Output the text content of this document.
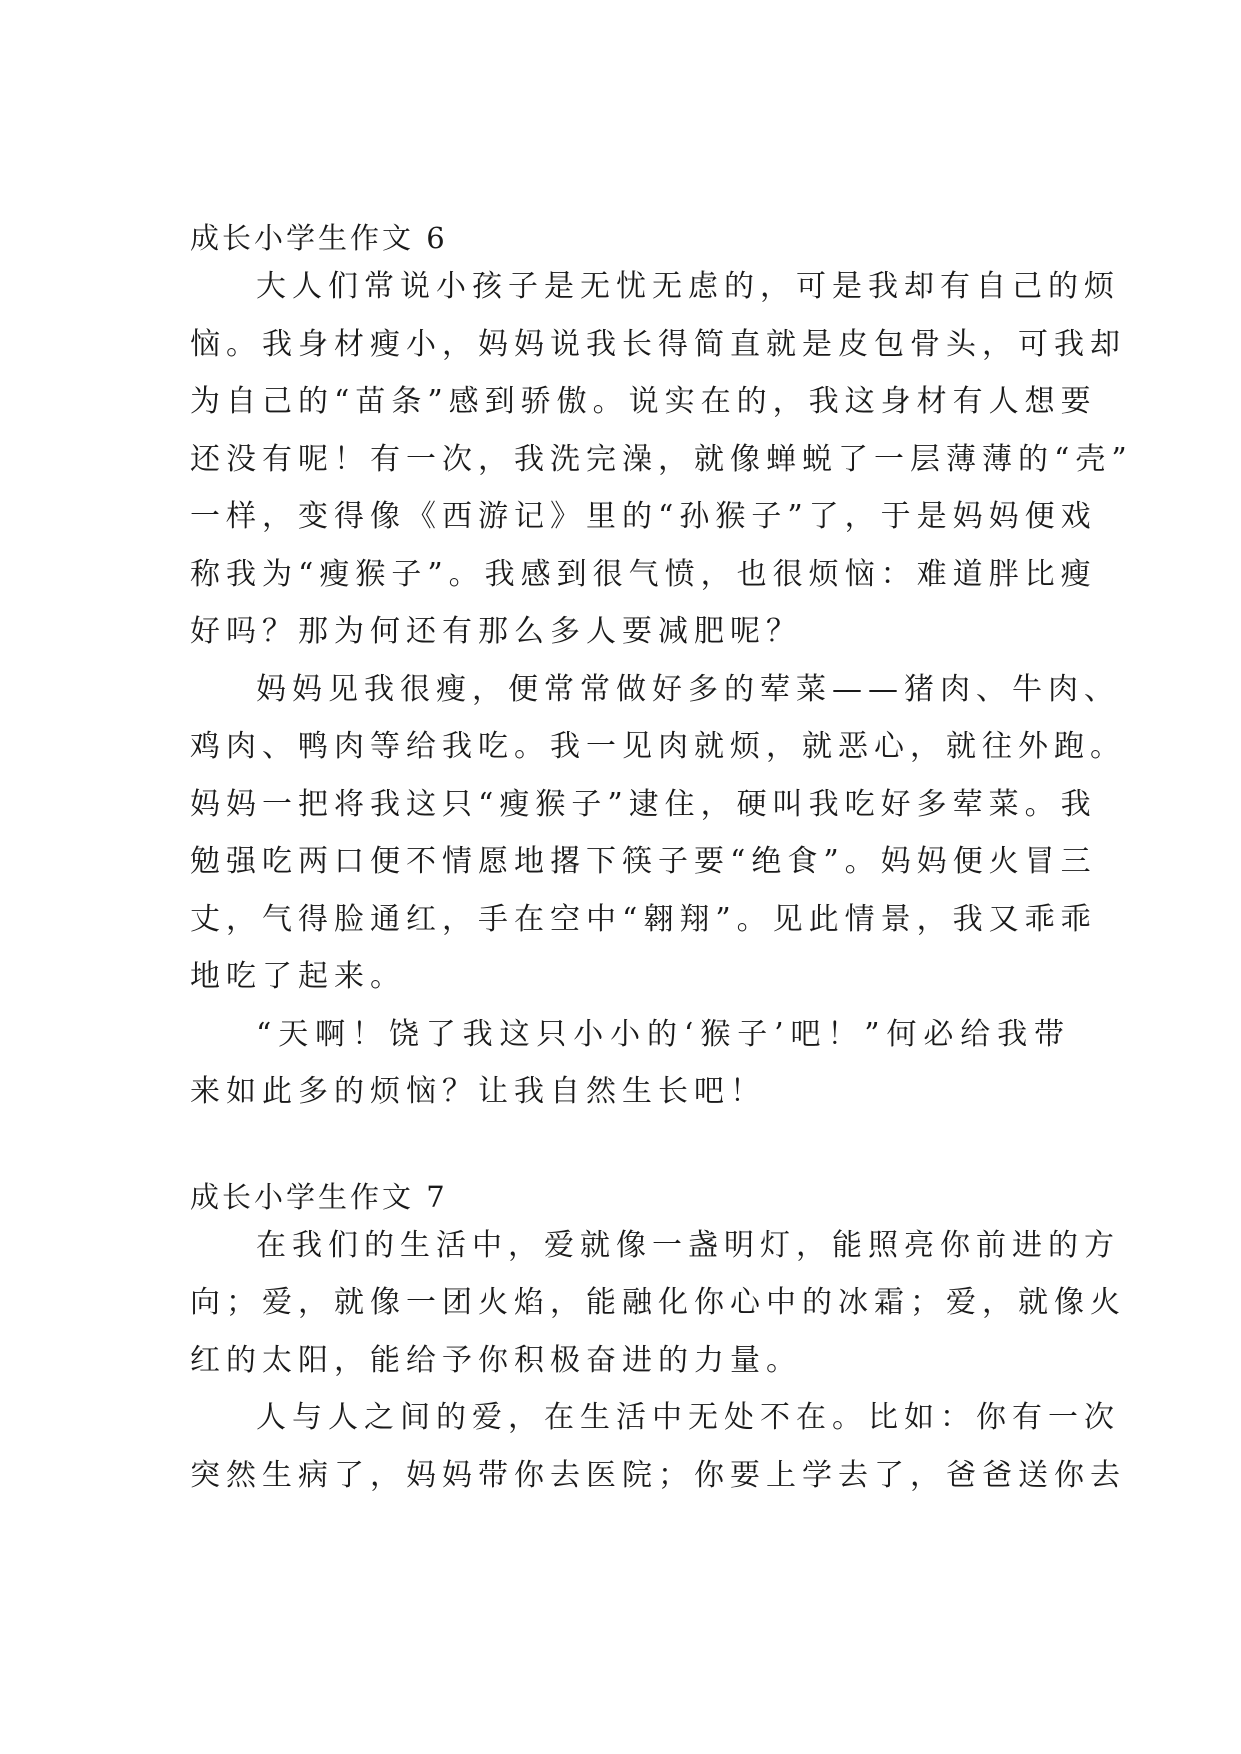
成长小学生作文 6

大人们常说小孩子是无忧无虑的，可是我却有自己的烦

恼。我身材瘦小，妈妈说我长得简直就是皮包骨头，可我却

为自己的“苗条”感到骄傲。说实在的，我这身材有人想要

还没有呢！有一次，我洗完澡，就像蝉蜕了一层薄薄的“壳”

一样，变得像《西游记》里的“孙猴子”了，于是妈妈便戏

称我为“瘦猴子”。我感到很气愤，也很烦恼：难道胖比瘦

好吗？那为何还有那么多人要减肥呢？

妈妈见我很瘦，便常常做好多的荤菜——猪肉、牛肉、

鸡肉、鸭肉等给我吃。我一见肉就烦，就恶心，就往外跑。

妈妈一把将我这只“瘦猴子”逮住，硬叫我吃好多荤菜。我

勉强吃两口便不情愿地撂下筷子要“绝食”。妈妈便火冒三

丈，气得脸通红，手在空中“翱翔”。见此情景，我又乖乖

地吃了起来。

“天啊！饶了我这只小小的‘猴子’吧！”何必给我带

来如此多的烦恼？让我自然生长吧！

成长小学生作文 7

在我们的生活中，爱就像一盏明灯，能照亮你前进的方

向；爱，就像一团火焰，能融化你心中的冰霜；爱，就像火

红的太阳，能给予你积极奋进的力量。

人与人之间的爱，在生活中无处不在。比如：你有一次

突然生病了，妈妈带你去医院；你要上学去了，爸爸送你去
